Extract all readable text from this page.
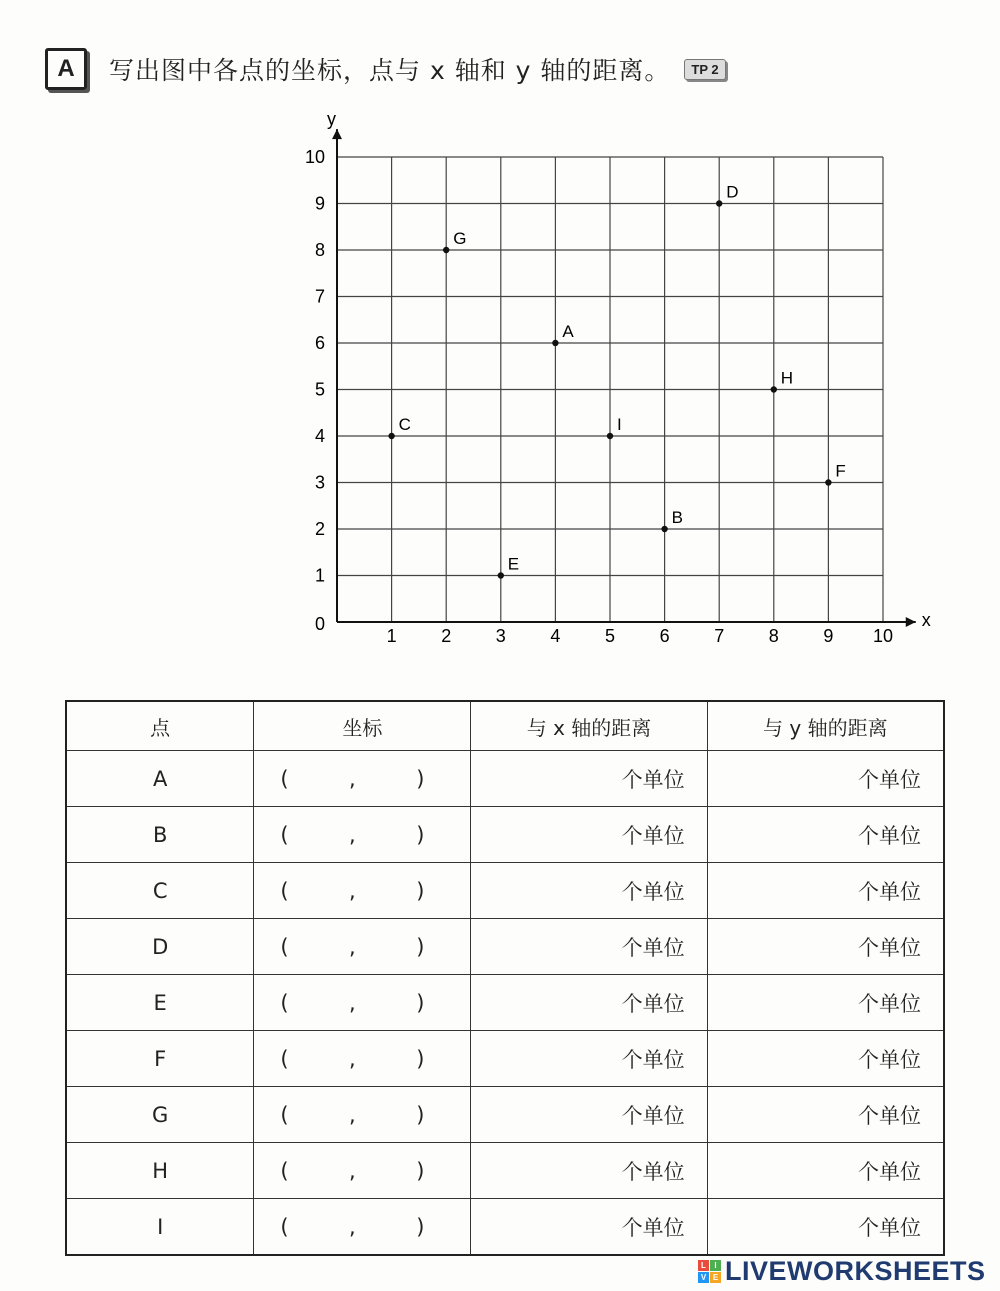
A	写出图中各点的坐标，点与 x 轴和 y 轴的距离。	TP 2
x
y
0
1 2 3 4 5 6 7 8 9 10
1
2
3
4
5
6
7
8
9
10
A
B
C
D
E
F
G
H
I
点	坐标	与 x 轴的距离	与 y 轴的距离
A	( , )	个单位	个单位
B	( , )	个单位	个单位
C	( , )	个单位	个单位
D	( , )	个单位	个单位
E	( , )	个单位	个单位
F	( , )	个单位	个单位
G	( , )	个单位	个单位
H	( , )	个单位	个单位
I	( , )	个单位	个单位
L	I
V E LIVEWORKSHEETS
